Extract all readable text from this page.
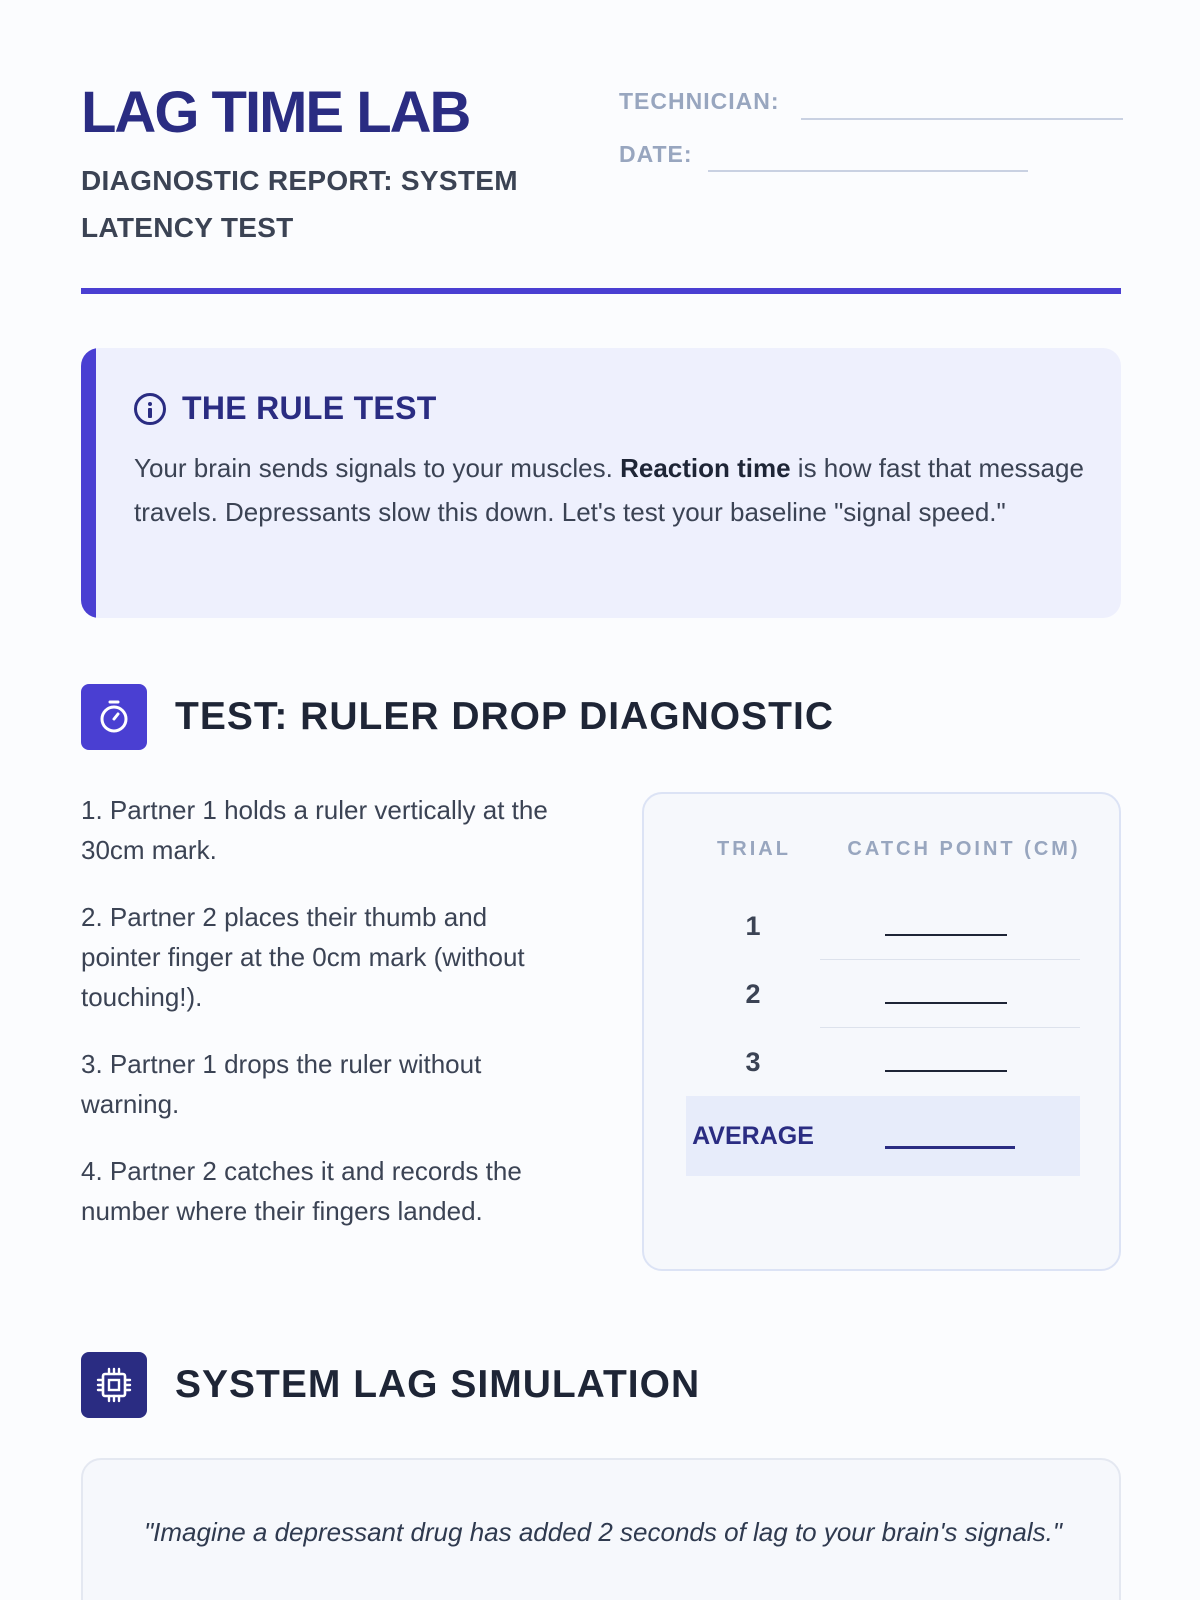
LAG TIME LAB
DIAGNOSTIC REPORT: SYSTEM LATENCY TEST
TECHNICIAN:
DATE:
THE RULE TEST
Your brain sends signals to your muscles. Reaction time is how fast that message travels. Depressants slow this down. Let's test your baseline "signal speed."
TEST: RULER DROP DIAGNOSTIC

1. Partner 1 holds a ruler vertically at the 30cm mark.

2. Partner 2 places their thumb and pointer finger at the 0cm mark (without touching!).

3. Partner 1 drops the ruler without warning.

4. Partner 2 catches it and records the number where their fingers landed.

TRIAL	CATCH POINT (CM)
1
2
3
AVERAGE
SYSTEM LAG SIMULATION
"Imagine a depressant drug has added 2 seconds of lag to your brain's signals."
